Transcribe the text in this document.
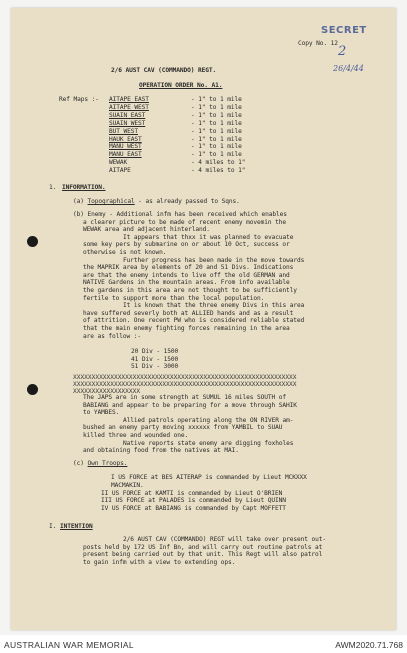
SECRET
Copy No. 12
2
26/4/44
2/6 AUST CAV (COMMANDO) REGT.
OPERATION ORDER No. A1.
Ref Maps :- AITAPE EAST	- 1" to 1 mile
AITAPE WEST	- 1" to 1 mile
SUAIN EAST	- 1" to 1 mile
SUAIN WEST	- 1" to 1 mile
BUT WEST	- 1" to 1 mile
HAUK EAST	- 1" to 1 mile
MANU WEST	- 1" to 1 mile
MANU EAST	- 1" to 1 mile
WEWAK	- 4 miles to 1"
AITAPE	- 4 miles to 1"
1. INFORMATION.
(a) Topographical - as already passed to Sqns.
(b) Enemy - Additional infm has been received which enables
a clearer picture to be made of recent enemy movemin the
WEWAK area and adjacent hinterland.
It appears that thxx it was planned to evacuate
some key pers by submarine on or about 10 Oct, success or
otherwise is not known.
Further progress has been made in the move towards
the MAPRIK area by elements of 20 and 51 Divs. Indications
are that the enemy intends to live off the old GERMAN and
NATIVE Gardens in the mountain areas. From info available
the gardens in this area are not thought to be sufficiently
fertile to support more than the local population.
It is known that the three enemy Divs in this area
have suffered severly both at ALLIED hands and as a result
of attrition. One recent PW who is considered reliable stated
that the main enemy fighting forces remaining in the area
are as follow :-
20 Div - 1500
41 Div - 1500
51 Div - 3000
XXXXXXXXXXXXXXXXXXXXXXXXXXXXXXXXXXXXXXXXXXXXXXXXXXXXXXXXXXXX
XXXXXXXXXXXXXXXXXXXXXXXXXXXXXXXXXXXXXXXXXXXXXXXXXXXXXXXXXXXX
XXXXXXXXXXXXXXXXXX
The JAPS are in some strength at SUMUL 16 miles SOUTH of
BABIANG and appear to be preparing for a move through SAHIK
to YAMBES.
Allied patrols operating along the ON RIVER am-
bushed an enemy party moving xxxxxx from YAMBIL to SUAU
killed three and wounded one.
Native reports state enemy are digging foxholes
and obtaining food from the natives at MAI.
(c) Own Troops.
I US FORCE at BES AITERAP is commanded by Lieut MCKXXX
MACMAKIN.
II US FORCE at KAMTI is commanded by Lieut O'BRIEN
III US FORCE at PALADES is commanded by Lieut QUINN
IV US FORCE at BABIANG is commanded by Capt MOFFETT
I. INTENTION
2/6 AUST CAV (COMMANDO) REGT will take over present out-
posts held by 172 US Inf Bn, and will carry out routine patrols at
present being carried out by that unit. This Regt will also patrol
to gain infm with a view to extending ops.
AUSTRALIAN WAR MEMORIAL	AWM2020.71.768
